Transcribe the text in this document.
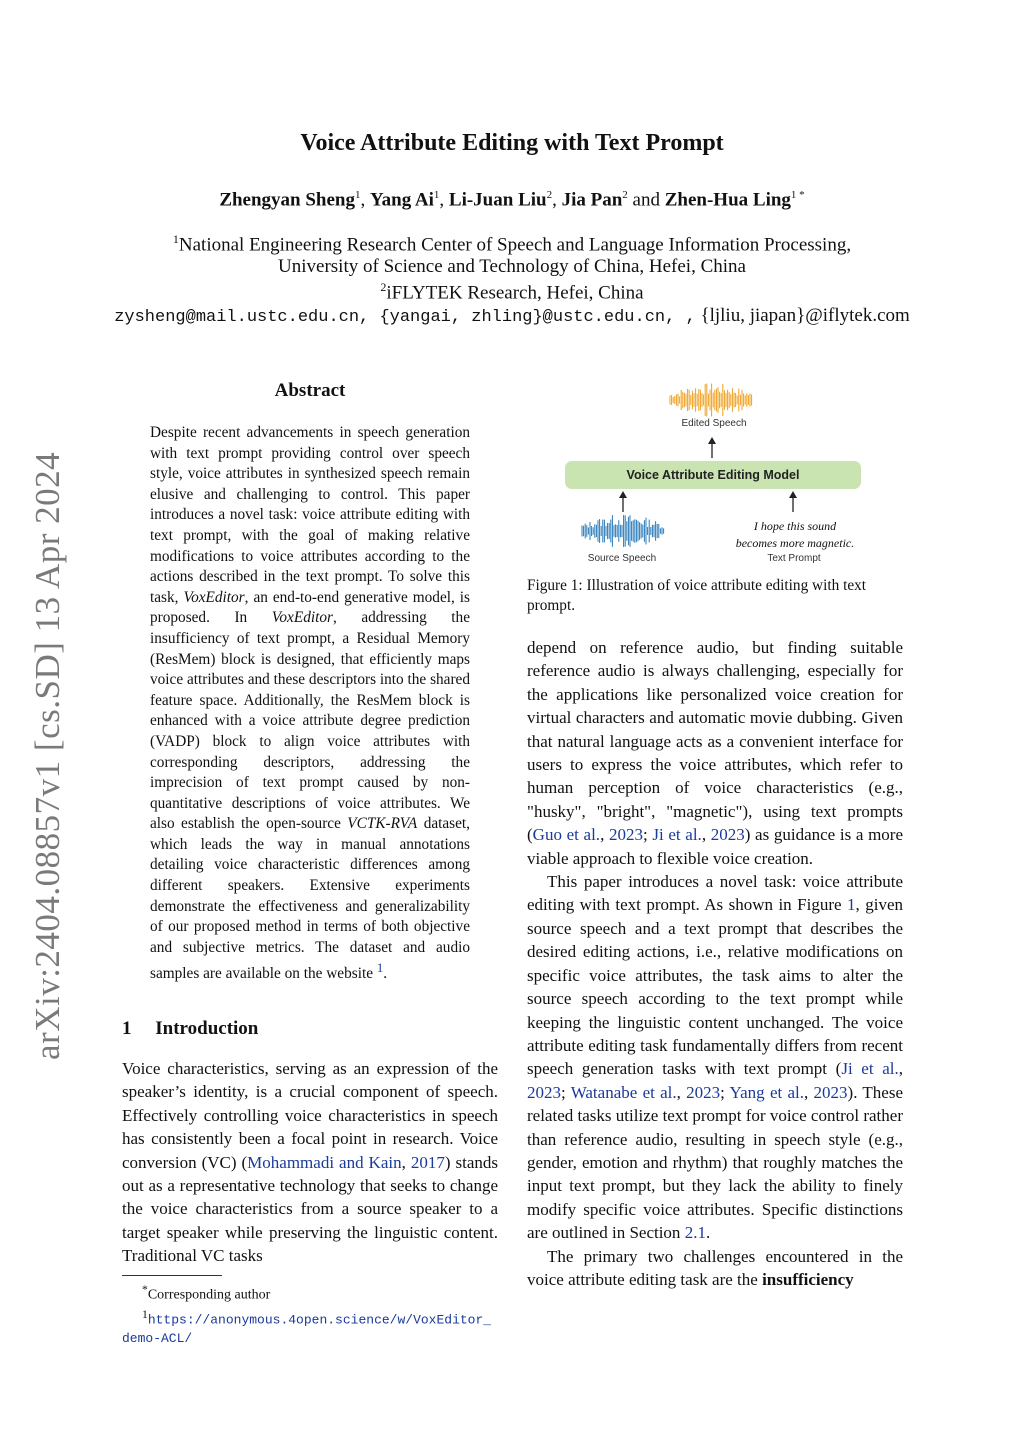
arXiv:2404.08857v1 [cs.SD] 13 Apr 2024
Voice Attribute Editing with Text Prompt
Zhengyan Sheng$^1$, Yang Ai$^1$, Li-Juan Liu$^2$, Jia Pan$^2$ and Zhen-Hua Ling$^{1 *}$
$^1$National Engineering Research Center of Speech and Language Information Processing,
University of Science and Technology of China, Hefei, China
$^2$iFLYTEK Research, Hefei, China
zysheng@mail.ustc.edu.cn, {yangai, zhling}@ustc.edu.cn, , {ljliu, jiapan}@iflytek.com
Abstract
Despite recent advancements in speech generation with text prompt providing control over speech style, voice attributes in synthesized speech remain elusive and challenging to control. This paper introduces a novel task: voice attribute editing with text prompt, with the goal of making relative modifications to voice attributes according to the actions described in the text prompt. To solve this task, VoxEditor, an end-to-end generative model, is proposed. In VoxEditor, addressing the insufficiency of text prompt, a Residual Memory (ResMem) block is designed, that efficiently maps voice attributes and these descriptors into the shared feature space. Additionally, the ResMem block is enhanced with a voice attribute degree prediction (VADP) block to align voice attributes with corresponding descriptors, addressing the imprecision of text prompt caused by non-quantitative descriptions of voice attributes. We also establish the open-source VCTK-RVA dataset, which leads the way in manual annotations detailing voice characteristic differences among different speakers. Extensive experiments demonstrate the effectiveness and generalizability of our proposed method in terms of both objective and subjective metrics. The dataset and audio samples are available on the website $^1$.
1     Introduction
Voice characteristics, serving as an expression of the speaker’s identity, is a crucial component of speech. Effectively controlling voice characteristics in speech has consistently been a focal point in research. Voice conversion (VC) (Mohammadi and Kain, 2017) stands out as a representative technology that seeks to change the voice characteristics from a source speaker to a target speaker while preserving the linguistic content. Traditional VC tasks
*Corresponding author
$^1$https://anonymous.4open.science/w/VoxEditor_
demo-ACL/
Edited Speech
Voice Attribute Editing Model
Source Speech
I hope this sound
becomes more magnetic.
Text Prompt
Figure 1: Illustration of voice attribute editing with text prompt.

depend on reference audio, but finding suitable reference audio is always challenging, especially for the applications like personalized voice creation for virtual characters and automatic movie dubbing. Given that natural language acts as a convenient interface for users to express the voice attributes, which refer to human perception of voice characteristics (e.g., "husky", "bright", "magnetic"), using text prompts (Guo et al., 2023; Ji et al., 2023) as guidance is a more viable approach to flexible voice creation.

This paper introduces a novel task: voice attribute editing with text prompt. As shown in Figure 1, given source speech and a text prompt that describes the desired editing actions, i.e., relative modifications on specific voice attributes, the task aims to alter the source speech according to the text prompt while keeping the linguistic content unchanged. The voice attribute editing task fundamentally differs from recent speech generation tasks with text prompt (Ji et al., 2023; Watanabe et al., 2023; Yang et al., 2023). These related tasks utilize text prompt for voice control rather than reference audio, resulting in speech style (e.g., gender, emotion and rhythm) that roughly matches the input text prompt, but they lack the ability to finely modify specific voice attributes. Specific distinctions are outlined in Section 2.1.

The primary two challenges encountered in the voice attribute editing task are the insufficiency
